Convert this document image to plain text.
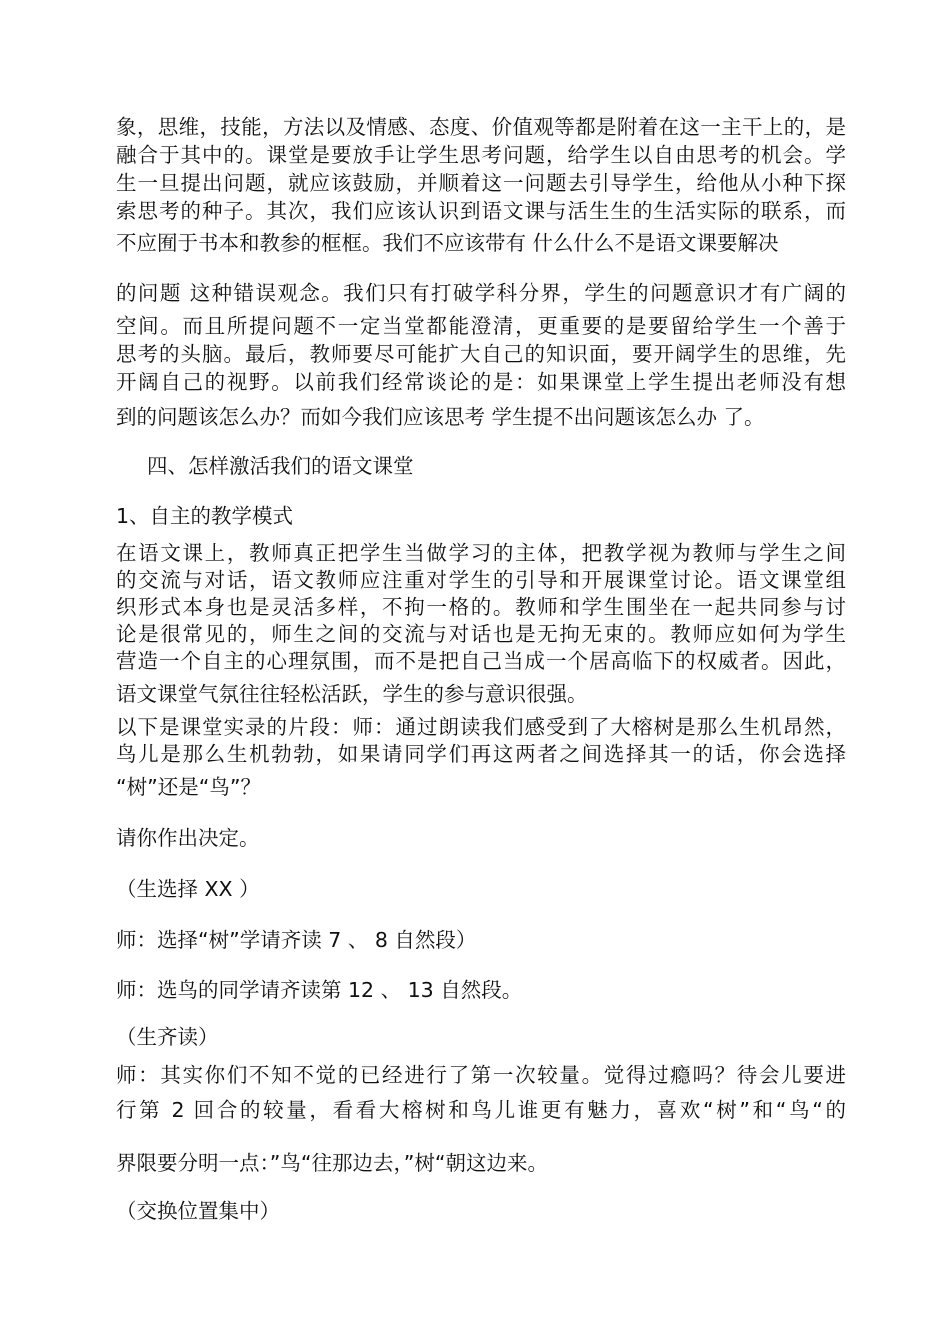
象，思维，技能，方法以及情感、态度、价值观等都是附着在这一主干上的，是
融合于其中的。课堂是要放手让学生思考问题，给学生以自由思考的机会。学
生一旦提出问题，就应该鼓励，并顺着这一问题去引导学生，给他从小种下探
索思考的种子。其次，我们应该认识到语文课与活生生的生活实际的联系，而
不应囿于书本和教参的框框。我们不应该带有 什么什么不是语文课要解决
的问题 这种错误观念。我们只有打破学科分界，学生的问题意识才有广阔的
空间。而且所提问题不一定当堂都能澄清，更重要的是要留给学生一个善于
思考的头脑。最后，教师要尽可能扩大自己的知识面，要开阔学生的思维，先
开阔自己的视野。以前我们经常谈论的是：如果课堂上学生提出老师没有想
到的问题该怎么办？而如今我们应该思考 学生提不出问题该怎么办 了。
四、怎样激活我们的语文课堂
1、自主的教学模式
在语文课上，教师真正把学生当做学习的主体，把教学视为教师与学生之间
的交流与对话，语文教师应注重对学生的引导和开展课堂讨论。语文课堂组
织形式本身也是灵活多样，不拘一格的。教师和学生围坐在一起共同参与讨
论是很常见的，师生之间的交流与对话也是无拘无束的。教师应如何为学生
营造一个自主的心理氛围，而不是把自己当成一个居高临下的权威者。因此，
语文课堂气氛往往轻松活跃，学生的参与意识很强。
以下是课堂实录的片段：师：通过朗读我们感受到了大榕树是那么生机昂然，
鸟儿是那么生机勃勃，如果请同学们再这两者之间选择其一的话，你会选择
“树”还是“鸟”？
请你作出决定。
（生选择 XX ）
师：选择“树”学请齐读 7 、 8 自然段）
师：选鸟的同学请齐读第 12 、 13 自然段。
（生齐读）
师：其实你们不知不觉的已经进行了第一次较量。觉得过瘾吗？待会儿要进
行第 2 回合的较量，看看大榕树和鸟儿谁更有魅力，喜欢“树”和“鸟“的
界限要分明一点：”鸟“往那边去，”树“朝这边来。
（交换位置集中）
